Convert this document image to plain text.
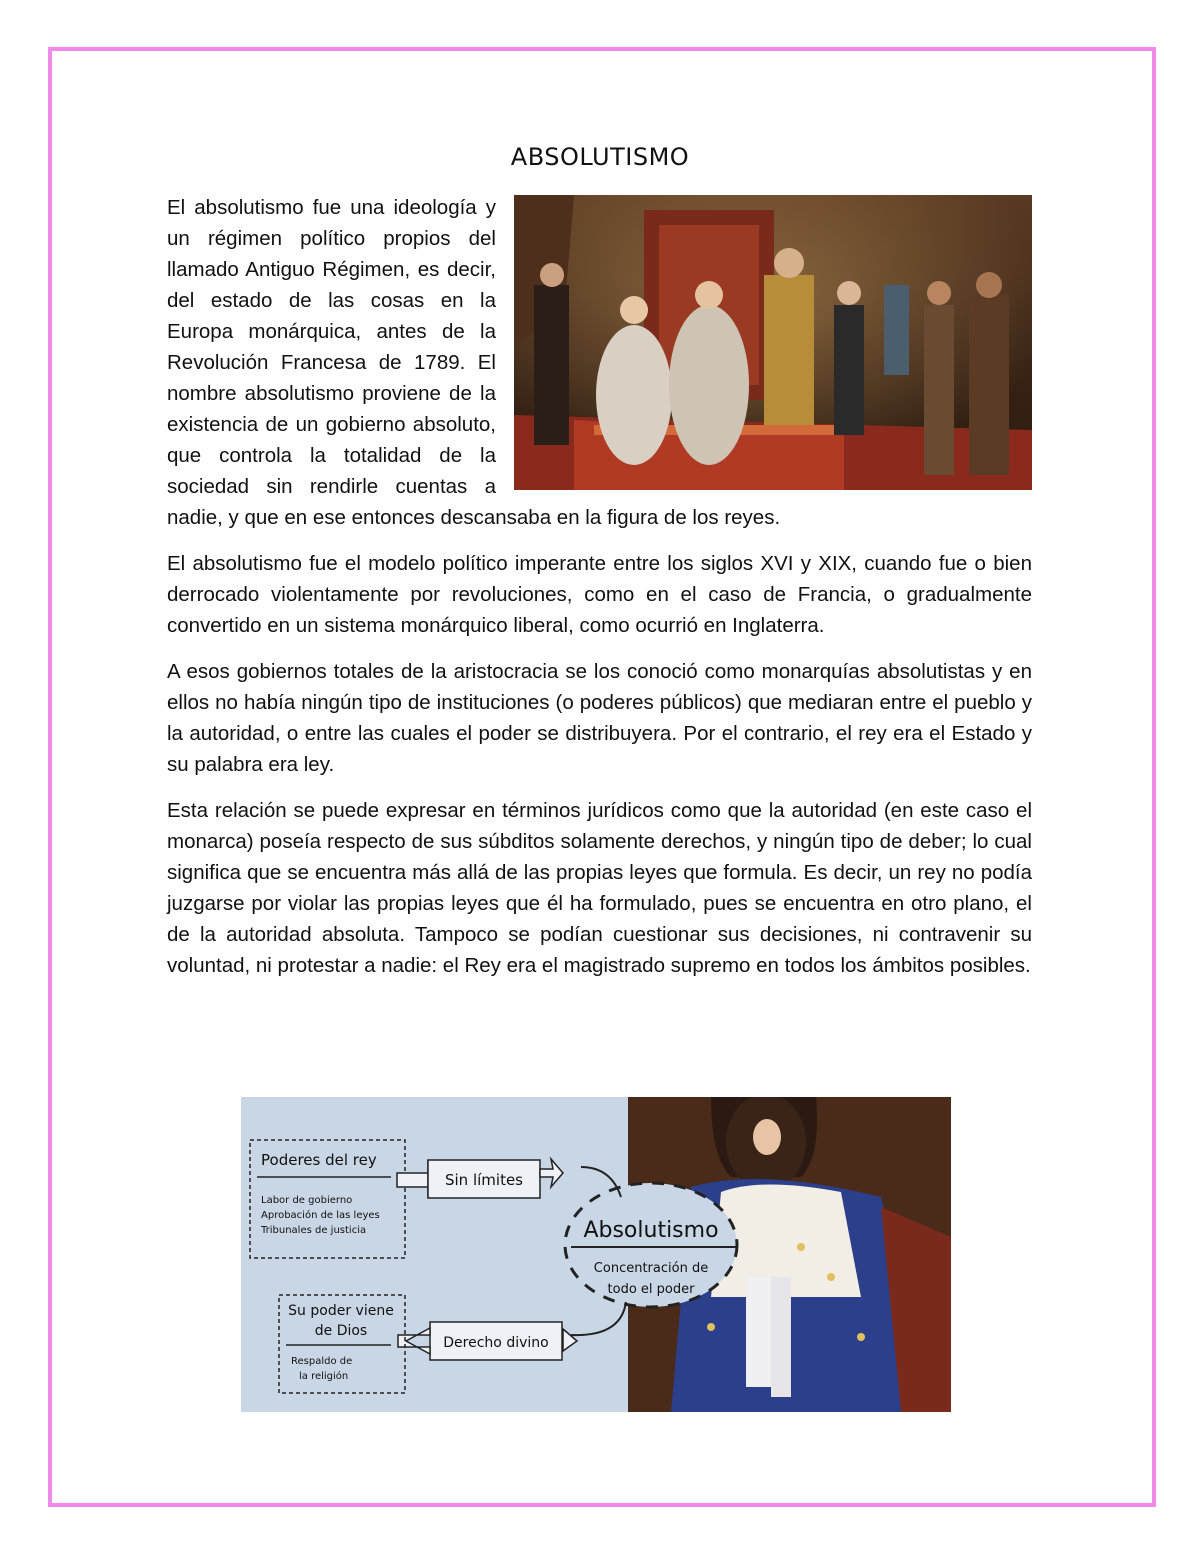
ABSOLUTISMO

El absolutismo fue una ideología y un régimen político propios del llamado Antiguo Régimen, es decir, del estado de las cosas en la Europa monárquica, antes de la Revolución Francesa de 1789. El nombre absolutismo proviene de la existencia de un gobierno absoluto, que controla la totalidad de la sociedad sin rendirle cuentas a nadie, y que en ese entonces descansaba en la figura de los reyes.

El absolutismo fue el modelo político imperante entre los siglos XVI y XIX, cuando fue o bien derrocado violentamente por revoluciones, como en el caso de Francia, o gradualmente convertido en un sistema monárquico liberal, como ocurrió en Inglaterra.

A esos gobiernos totales de la aristocracia se los conoció como monarquías absolutistas y en ellos no había ningún tipo de instituciones (o poderes públicos) que mediaran entre el pueblo y la autoridad, o entre las cuales el poder se distribuyera. Por el contrario, el rey era el Estado y su palabra era ley.

Esta relación se puede expresar en términos jurídicos como que la autoridad (en este caso el monarca) poseía respecto de sus súbditos solamente derechos, y ningún tipo de deber; lo cual significa que se encuentra más allá de las propias leyes que formula. Es decir, un rey no podía juzgarse por violar las propias leyes que él ha formulado, pues se encuentra en otro plano, el de la autoridad absoluta. Tampoco se podían cuestionar sus decisiones, ni contravenir su voluntad, ni protestar a nadie: el Rey era el magistrado supremo en todos los ámbitos posibles.

Absolutismo
Concentración de
todo el poder
Poderes del rey
Labor de gobierno
Aprobación de las leyes
Tribunales de justicia
Sin límites
Derecho divino
Su poder viene
de Dios
Respaldo de
la religión
